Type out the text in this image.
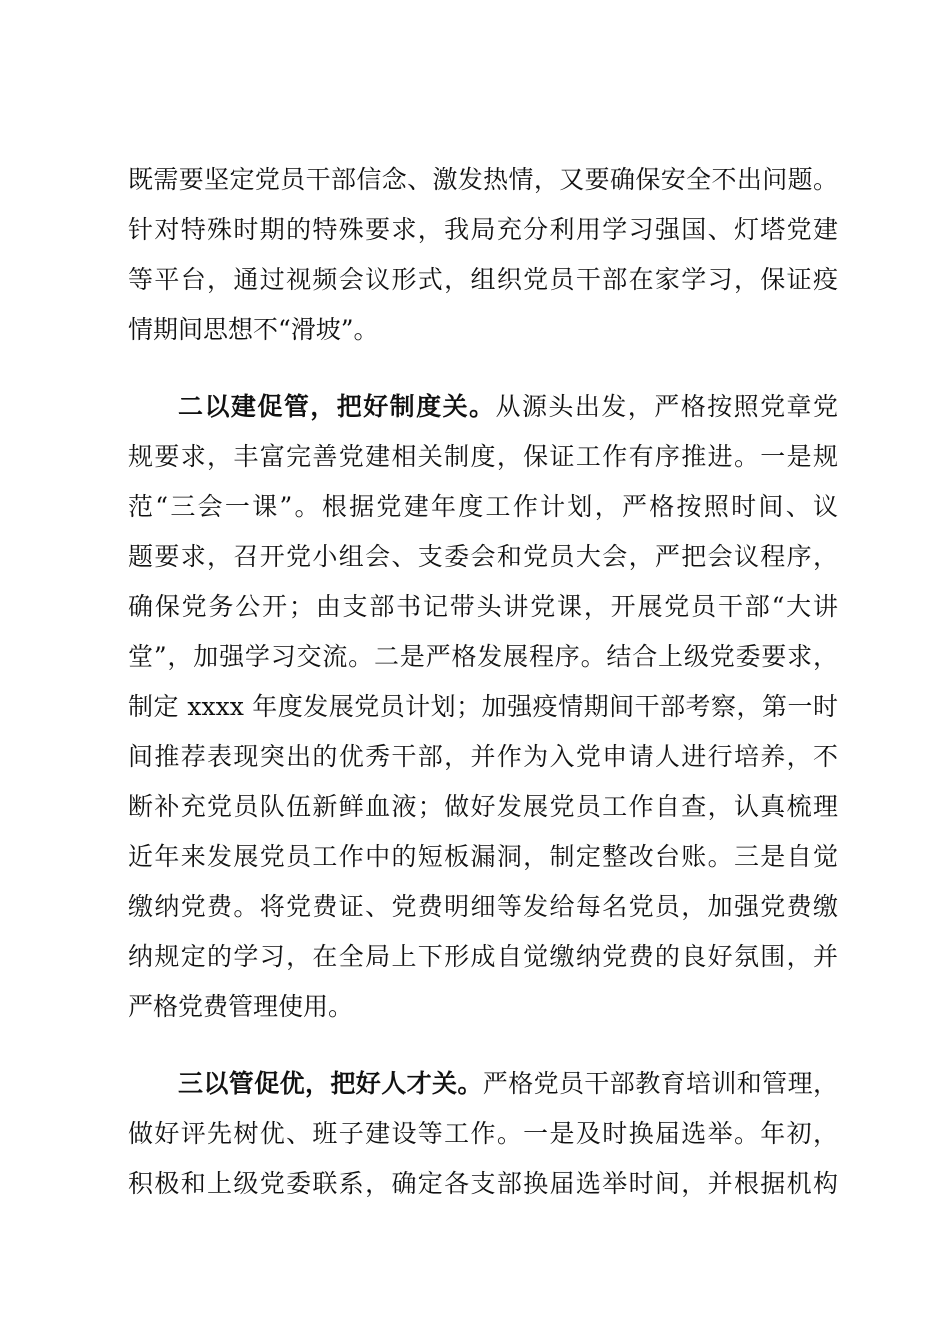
既需要坚定党员干部信念、激发热情，又要确保安全不出问题。
针对特殊时期的特殊要求，我局充分利用学习强国、灯塔党建
等平台，通过视频会议形式，组织党员干部在家学习，保证疫
情期间思想不“滑坡”。
二以建促管，把好制度关。从源头出发，严格按照党章党
规要求，丰富完善党建相关制度，保证工作有序推进。一是规
范“三会一课”。根据党建年度工作计划，严格按照时间、议
题要求，召开党小组会、支委会和党员大会，严把会议程序，
确保党务公开；由支部书记带头讲党课，开展党员干部“大讲
堂”，加强学习交流。二是严格发展程序。结合上级党委要求，
制定 xxxx 年度发展党员计划；加强疫情期间干部考察，第一时
间推荐表现突出的优秀干部，并作为入党申请人进行培养，不
断补充党员队伍新鲜血液；做好发展党员工作自查，认真梳理
近年来发展党员工作中的短板漏洞，制定整改台账。三是自觉
缴纳党费。将党费证、党费明细等发给每名党员，加强党费缴
纳规定的学习，在全局上下形成自觉缴纳党费的良好氛围，并
严格党费管理使用。
三以管促优，把好人才关。严格党员干部教育培训和管理，
做好评先树优、班子建设等工作。一是及时换届选举。年初，
积极和上级党委联系，确定各支部换届选举时间，并根据机构
